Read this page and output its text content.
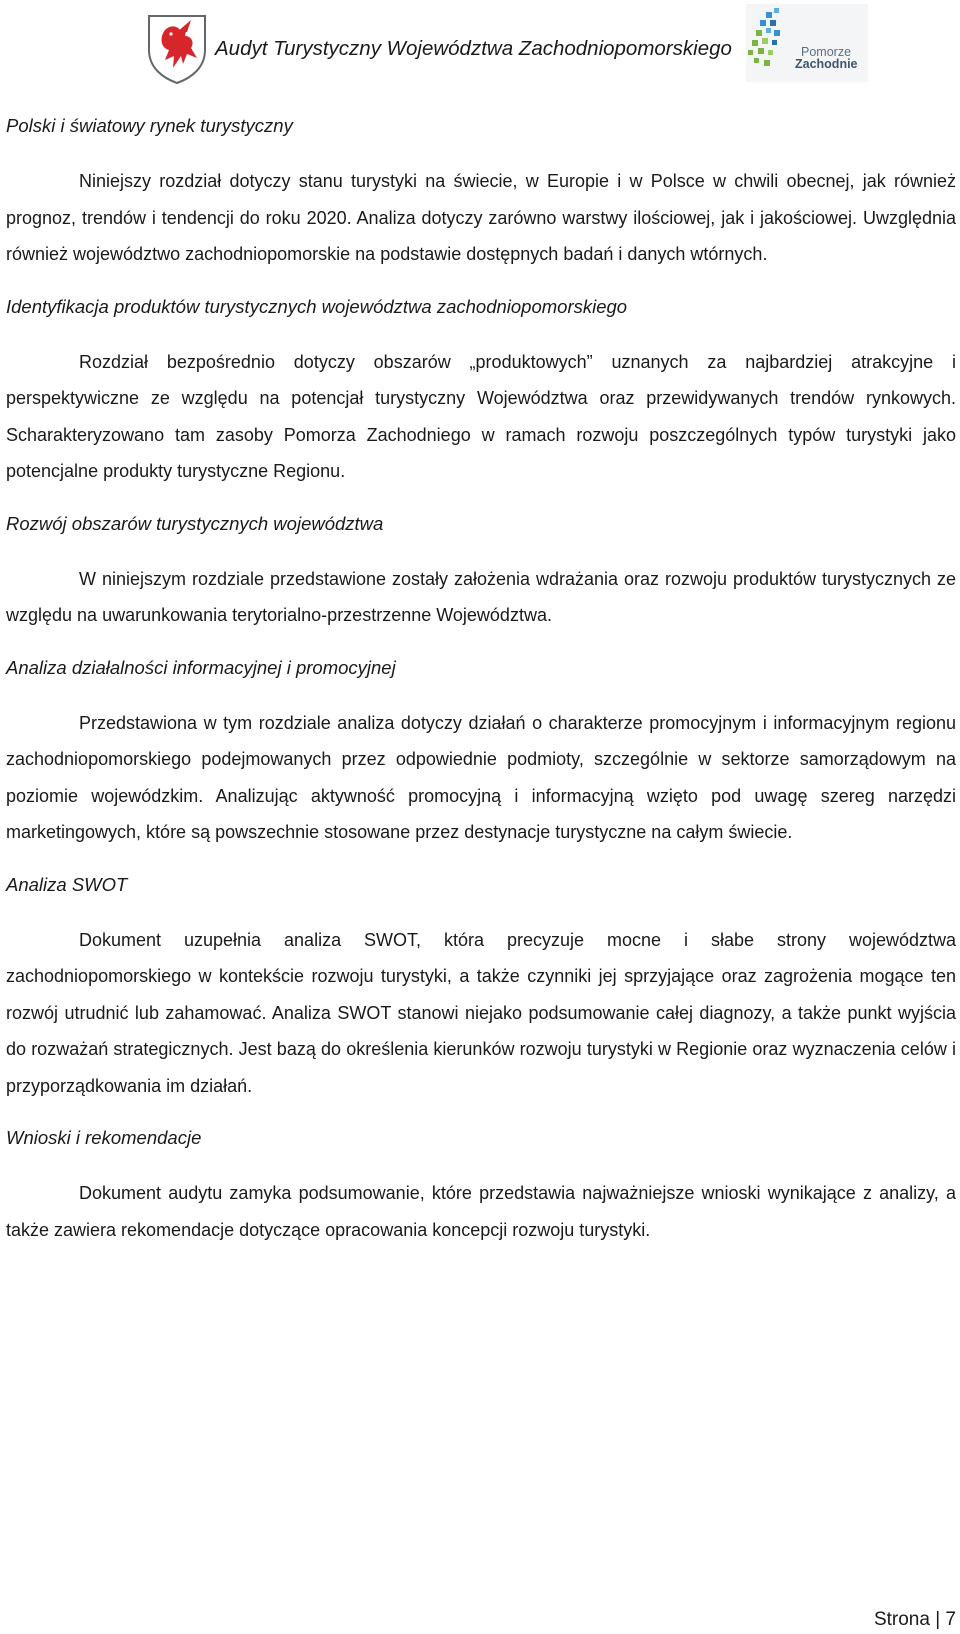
Audyt Turystyczny Województwa Zachodniopomorskiego	Pomorze
Zachodnie
Polski i światowy rynek turystyczny

Niniejszy rozdział dotyczy stanu turystyki na świecie, w Europie i w Polsce w chwili obecnej, jak również prognoz, trendów i tendencji do roku 2020. Analiza dotyczy zarówno warstwy ilościowej, jak i jakościowej. Uwzględnia również województwo zachodniopomorskie na podstawie dostępnych badań i danych wtórnych.

Identyfikacja produktów turystycznych województwa zachodniopomorskiego

Rozdział bezpośrednio dotyczy obszarów „produktowych” uznanych za najbardziej atrakcyjne i perspektywiczne ze względu na potencjał turystyczny Województwa oraz przewidywanych trendów rynkowych. Scharakteryzowano tam zasoby Pomorza Zachodniego w ramach rozwoju poszczególnych typów turystyki jako potencjalne produkty turystyczne Regionu.

Rozwój obszarów turystycznych województwa

W niniejszym rozdziale przedstawione zostały założenia wdrażania oraz rozwoju produktów turystycznych ze względu na uwarunkowania terytorialno-przestrzenne Województwa.

Analiza działalności informacyjnej i promocyjnej

Przedstawiona w tym rozdziale analiza dotyczy działań o charakterze promocyjnym i informacyjnym regionu zachodniopomorskiego podejmowanych przez odpowiednie podmioty, szczególnie w sektorze samorządowym na poziomie wojewódzkim. Analizując aktywność promocyjną i informacyjną wzięto pod uwagę szereg narzędzi marketingowych, które są powszechnie stosowane przez destynacje turystyczne na całym świecie.

Analiza SWOT

Dokument uzupełnia analiza SWOT, która precyzuje mocne i słabe strony województwa zachodniopomorskiego w kontekście rozwoju turystyki, a także czynniki jej sprzyjające oraz zagrożenia mogące ten rozwój utrudnić lub zahamować. Analiza SWOT stanowi niejako podsumowanie całej diagnozy, a także punkt wyjścia do rozważań strategicznych. Jest bazą do określenia kierunków rozwoju turystyki w Regionie oraz wyznaczenia celów i przyporządkowania im działań.

Wnioski i rekomendacje

Dokument audytu zamyka podsumowanie, które przedstawia najważniejsze wnioski wynikające z analizy, a także zawiera rekomendacje dotyczące opracowania koncepcji rozwoju turystyki.

Strona | 7
